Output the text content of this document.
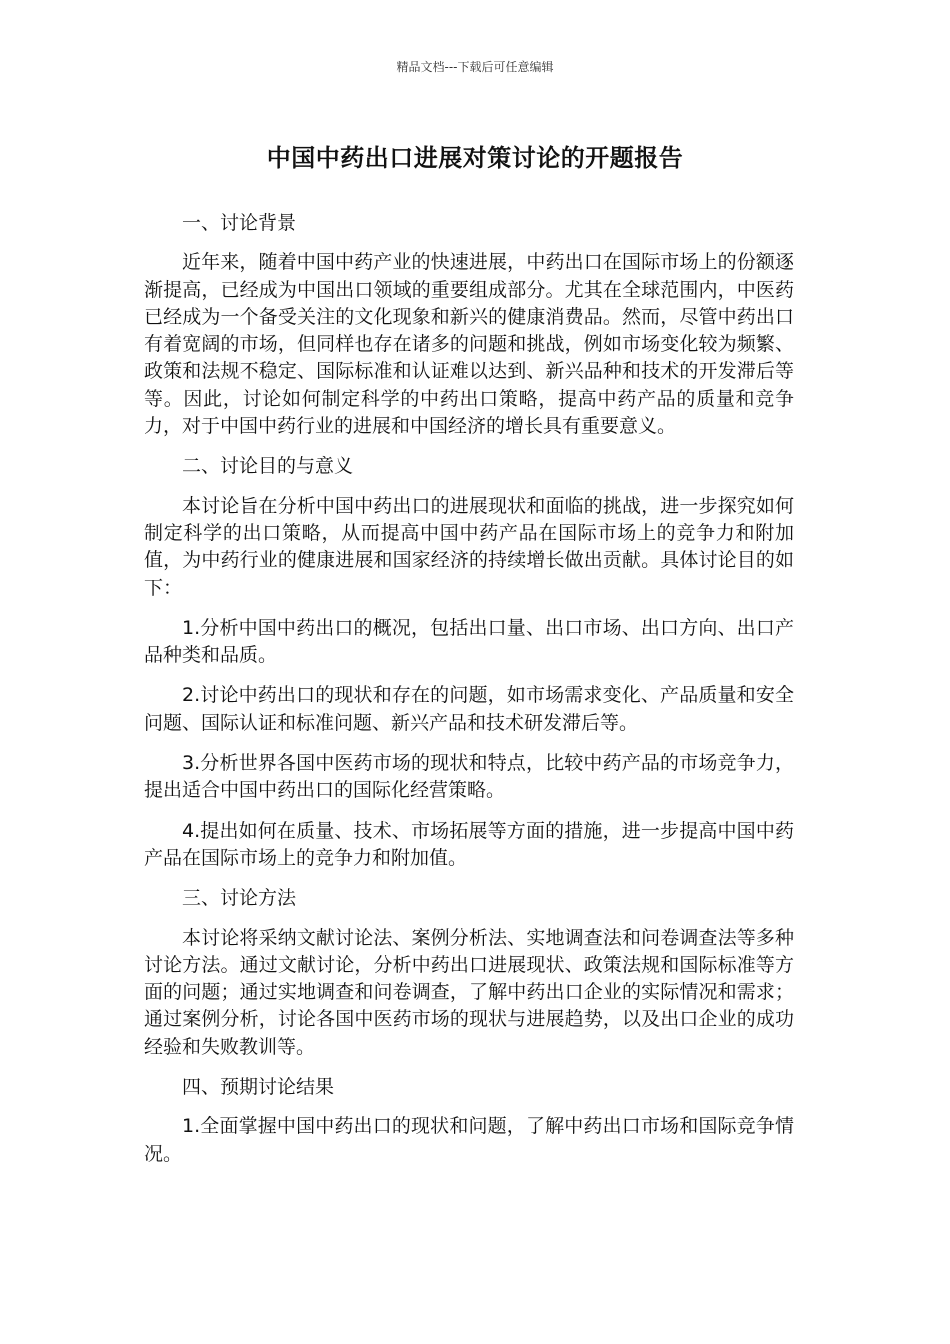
精品文档---下载后可任意编辑
中国中药出口进展对策讨论的开题报告

一、讨论背景

近年来，随着中国中药产业的快速进展，中药出口在国际市场上的份额逐渐提高，已经成为中国出口领域的重要组成部分。尤其在全球范围内，中医药已经成为一个备受关注的文化现象和新兴的健康消费品。然而，尽管中药出口有着宽阔的市场，但同样也存在诸多的问题和挑战，例如市场变化较为频繁、政策和法规不稳定、国际标准和认证难以达到、新兴品种和技术的开发滞后等等。因此，讨论如何制定科学的中药出口策略，提高中药产品的质量和竞争力，对于中国中药行业的进展和中国经济的增长具有重要意义。

二、讨论目的与意义

本讨论旨在分析中国中药出口的进展现状和面临的挑战，进一步探究如何制定科学的出口策略，从而提高中国中药产品在国际市场上的竞争力和附加值，为中药行业的健康进展和国家经济的持续增长做出贡献。具体讨论目的如下：

1.分析中国中药出口的概况，包括出口量、出口市场、出口方向、出口产品种类和品质。

2.讨论中药出口的现状和存在的问题，如市场需求变化、产品质量和安全问题、国际认证和标准问题、新兴产品和技术研发滞后等。

3.分析世界各国中医药市场的现状和特点，比较中药产品的市场竞争力，提出适合中国中药出口的国际化经营策略。

4.提出如何在质量、技术、市场拓展等方面的措施，进一步提高中国中药产品在国际市场上的竞争力和附加值。

三、讨论方法

本讨论将采纳文献讨论法、案例分析法、实地调查法和问卷调查法等多种讨论方法。通过文献讨论，分析中药出口进展现状、政策法规和国际标准等方面的问题；通过实地调查和问卷调查，了解中药出口企业的实际情况和需求；通过案例分析，讨论各国中医药市场的现状与进展趋势，以及出口企业的成功经验和失败教训等。

四、预期讨论结果

1.全面掌握中国中药出口的现状和问题，了解中药出口市场和国际竞争情况。
